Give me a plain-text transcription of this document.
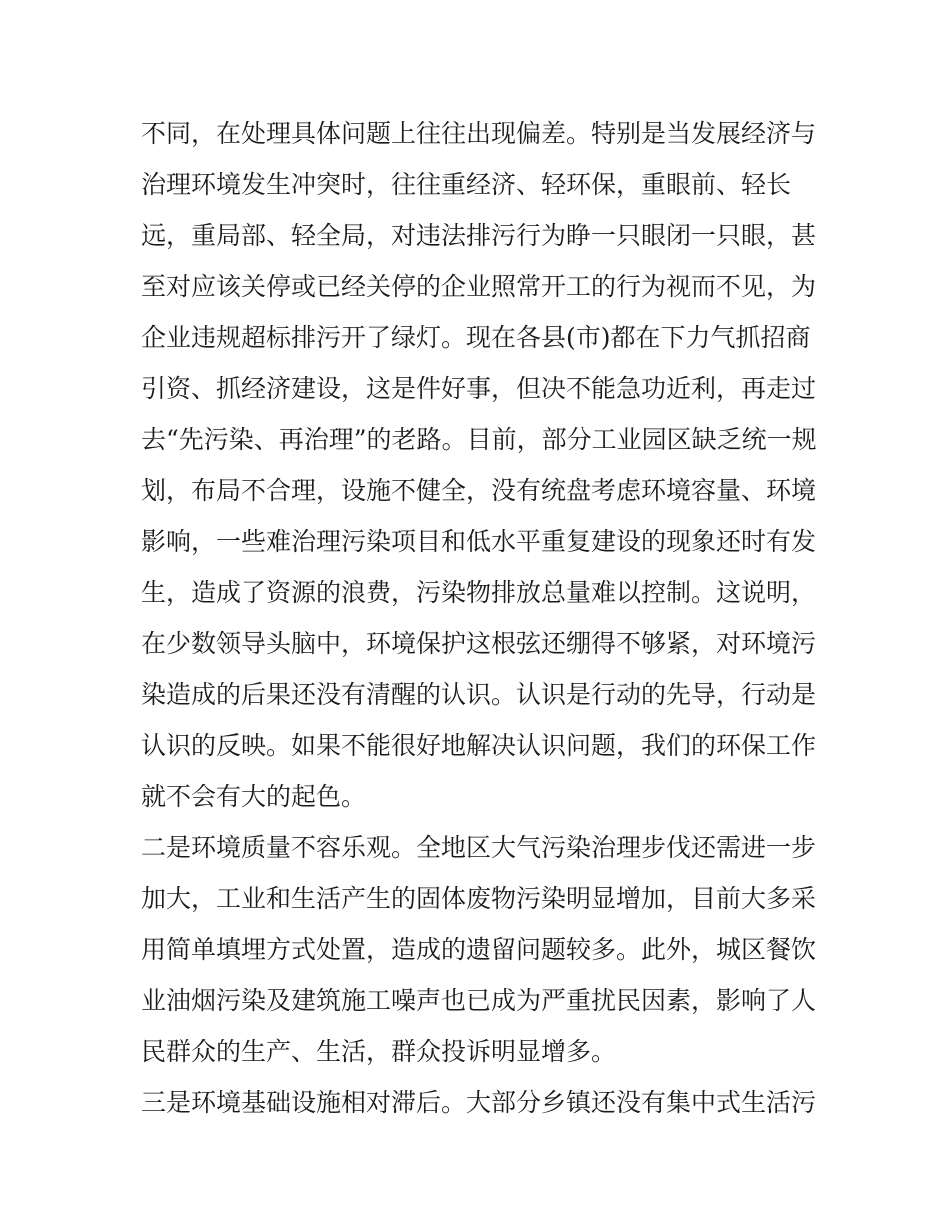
不同，在处理具体问题上往往出现偏差。特别是当发展经济与
治理环境发生冲突时，往往重经济、轻环保，重眼前、轻长
远，重局部、轻全局，对违法排污行为睁一只眼闭一只眼，甚
至对应该关停或已经关停的企业照常开工的行为视而不见，为
企业违规超标排污开了绿灯。现在各县(市)都在下力气抓招商
引资、抓经济建设，这是件好事，但决不能急功近利，再走过
去“先污染、再治理”的老路。目前，部分工业园区缺乏统一规
划，布局不合理，设施不健全，没有统盘考虑环境容量、环境
影响，一些难治理污染项目和低水平重复建设的现象还时有发
生，造成了资源的浪费，污染物排放总量难以控制。这说明，
在少数领导头脑中，环境保护这根弦还绷得不够紧，对环境污
染造成的后果还没有清醒的认识。认识是行动的先导，行动是
认识的反映。如果不能很好地解决认识问题，我们的环保工作
就不会有大的起色。
二是环境质量不容乐观。全地区大气污染治理步伐还需进一步
加大，工业和生活产生的固体废物污染明显增加，目前大多采
用简单填埋方式处置，造成的遗留问题较多。此外，城区餐饮
业油烟污染及建筑施工噪声也已成为严重扰民因素，影响了人
民群众的生产、生活，群众投诉明显增多。
三是环境基础设施相对滞后。大部分乡镇还没有集中式生活污
